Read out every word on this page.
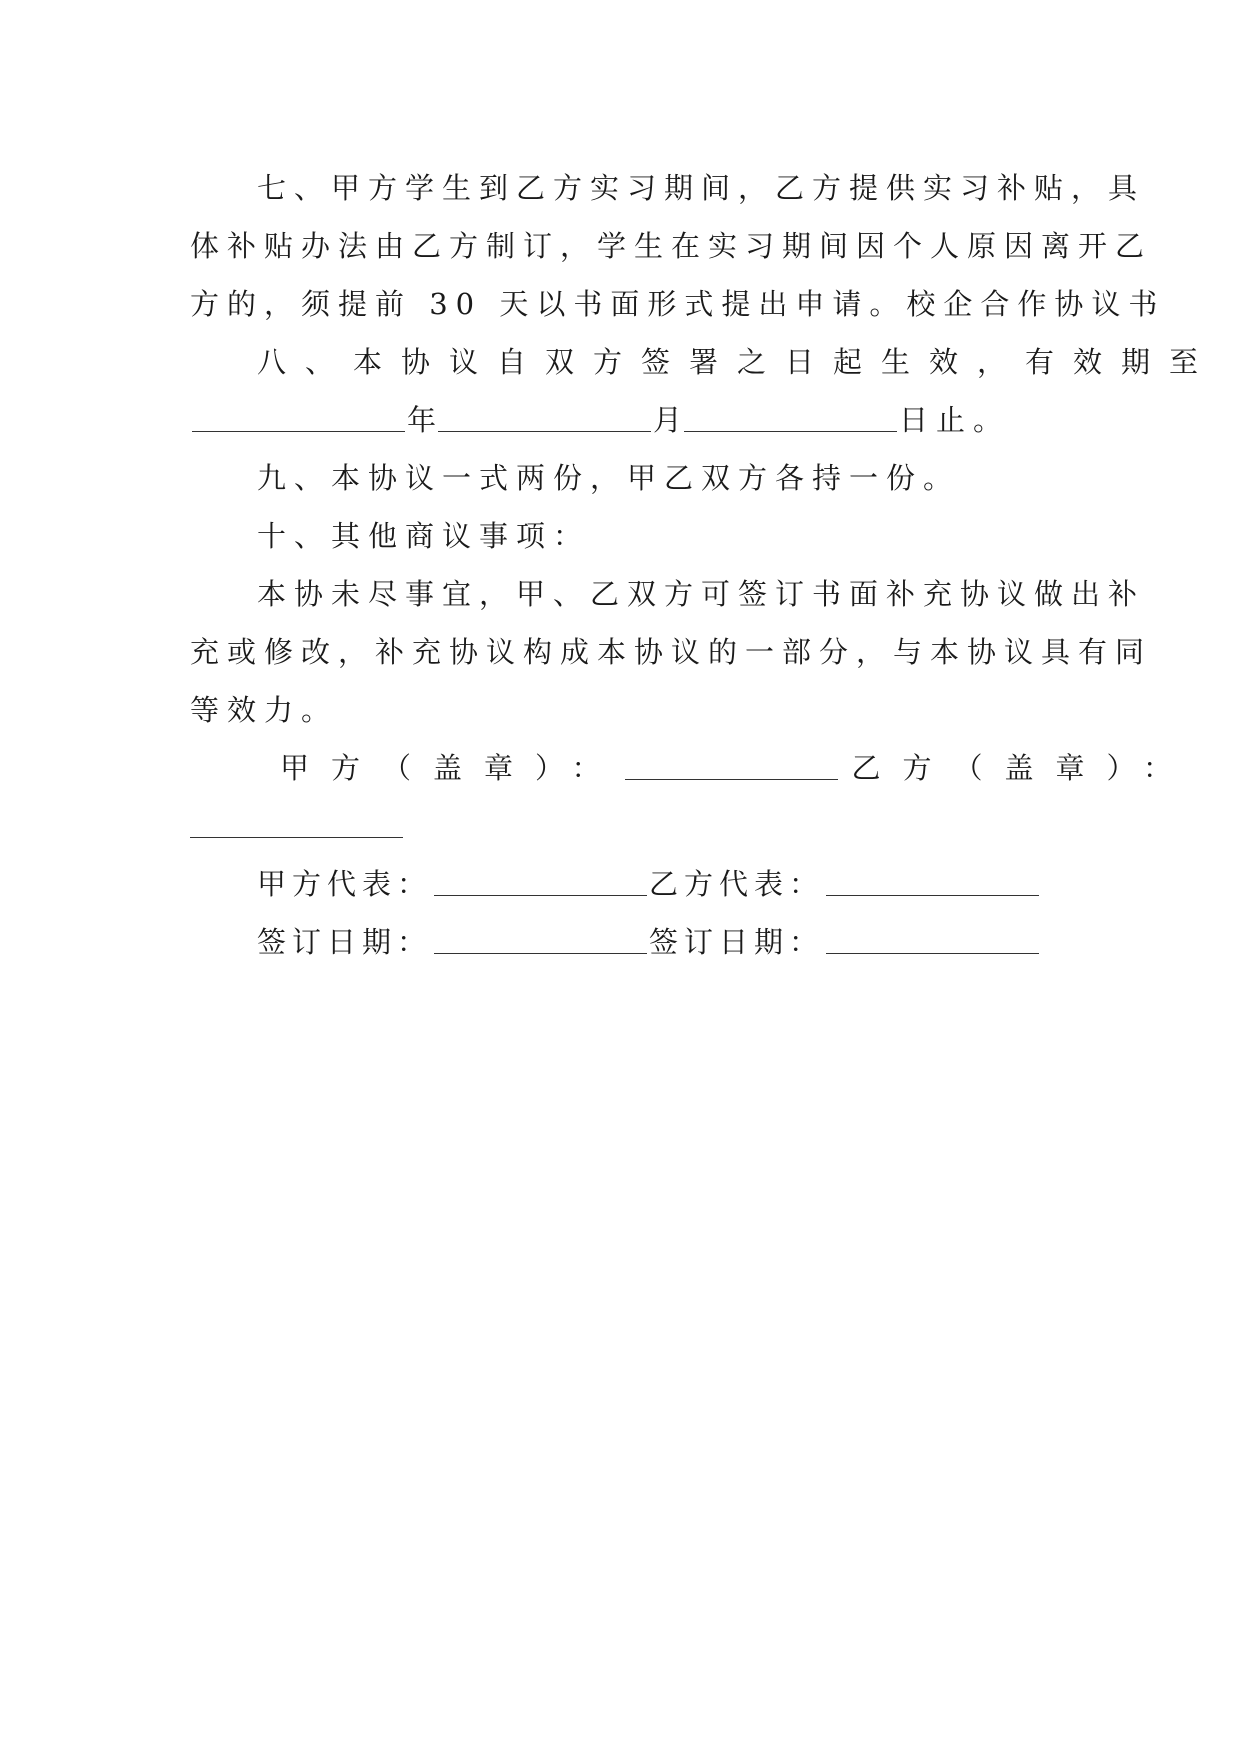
七、甲方学生到乙方实习期间，乙方提供实习补贴，具
体补贴办法由乙方制订，学生在实习期间因个人原因离开乙
方的，须提前 30 天以书面形式提出申请。校企合作协议书
八、本协议自双方签署之日起生效，有效期至
年	月	日止。
九、本协议一式两份，甲乙双方各持一份。
十、其他商议事项：
本协未尽事宜，甲、乙双方可签订书面补充协议做出补
充或修改，补充协议构成本协议的一部分，与本协议具有同
等效力。
甲方（盖章）：	乙方（盖章）：
甲方代表：	乙方代表：
签订日期：	签订日期：
